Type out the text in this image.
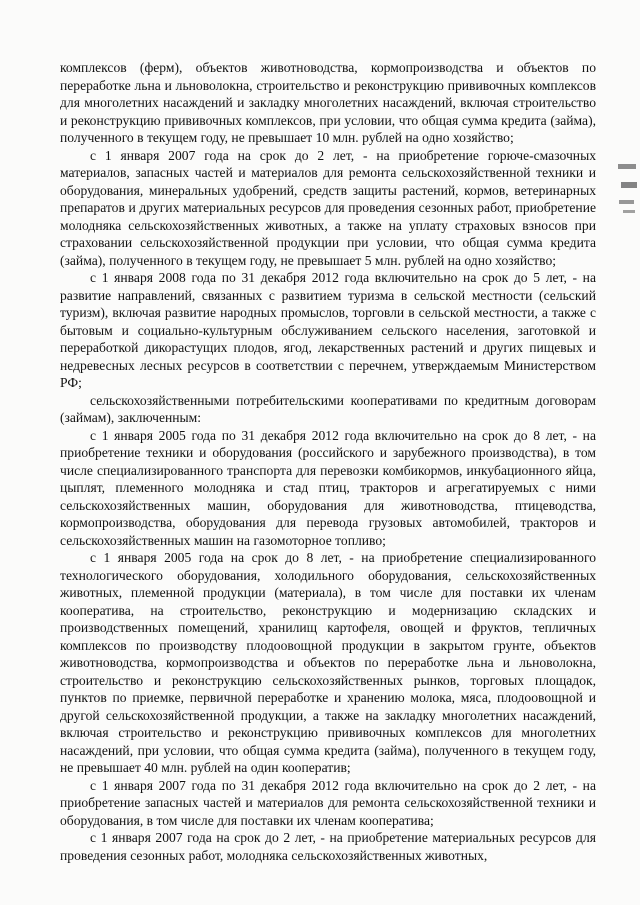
комплексов (ферм), объектов животноводства, кормопроизводства и объектов по переработке льна и льноволокна, строительство и реконструкцию прививочных комплексов для многолетних насаждений и закладку многолетних насаждений, включая строительство и реконструкцию прививочных комплексов, при условии, что общая сумма кредита (займа), полученного в текущем году, не превышает 10 млн. рублей на одно хозяйство;

с 1 января 2007 года на срок до 2 лет, - на приобретение горюче-смазочных материалов, запасных частей и материалов для ремонта сельскохозяйственной техники и оборудования, минеральных удобрений, средств защиты растений, кормов, ветеринарных препаратов и других материальных ресурсов для проведения сезонных работ, приобретение молодняка сельскохозяйственных животных, а также на уплату страховых взносов при страховании сельскохозяйственной продукции при условии, что общая сумма кредита (займа), полученного в текущем году, не превышает 5 млн. рублей на одно хозяйство;

с 1 января 2008 года по 31 декабря 2012 года включительно на срок до 5 лет, - на развитие направлений, связанных с развитием туризма в сельской местности (сельский туризм), включая развитие народных промыслов, торговли в сельской местности, а также с бытовым и социально-культурным обслуживанием сельского населения, заготовкой и переработкой дикорастущих плодов, ягод, лекарственных растений и других пищевых и недревесных лесных ресурсов в соответствии с перечнем, утверждаемым Министерством РФ;

сельскохозяйственными потребительскими кооперативами по кредитным договорам (займам), заключенным:

с 1 января 2005 года по 31 декабря 2012 года включительно на срок до 8 лет, - на приобретение техники и оборудования (российского и зарубежного производства), в том числе специализированного транспорта для перевозки комбикормов, инкубационного яйца, цыплят, племенного молодняка и стад птиц, тракторов и агрегатируемых с ними сельскохозяйственных машин, оборудования для животноводства, птицеводства, кормопроизводства, оборудования для перевода грузовых автомобилей, тракторов и сельскохозяйственных машин на газомоторное топливо;

с 1 января 2005 года на срок до 8 лет, - на приобретение специализированного технологического оборудования, холодильного оборудования, сельскохозяйственных животных, племенной продукции (материала), в том числе для поставки их членам кооператива, на строительство, реконструкцию и модернизацию складских и производственных помещений, хранилищ картофеля, овощей и фруктов, тепличных комплексов по производству плодоовощной продукции в закрытом грунте, объектов животноводства, кормопроизводства и объектов по переработке льна и льноволокна, строительство и реконструкцию сельскохозяйственных рынков, торговых площадок, пунктов по приемке, первичной переработке и хранению молока, мяса, плодоовощной и другой сельскохозяйственной продукции, а также на закладку многолетних насаждений, включая строительство и реконструкцию прививочных комплексов для многолетних насаждений, при условии, что общая сумма кредита (займа), полученного в текущем году, не превышает 40 млн. рублей на один кооператив;

с 1 января 2007 года по 31 декабря 2012 года включительно на срок до 2 лет, - на приобретение запасных частей и материалов для ремонта сельскохозяйственной техники и оборудования, в том числе для поставки их членам кооператива;

с 1 января 2007 года на срок до 2 лет, - на приобретение материальных ресурсов для проведения сезонных работ, молодняка сельскохозяйственных животных,
